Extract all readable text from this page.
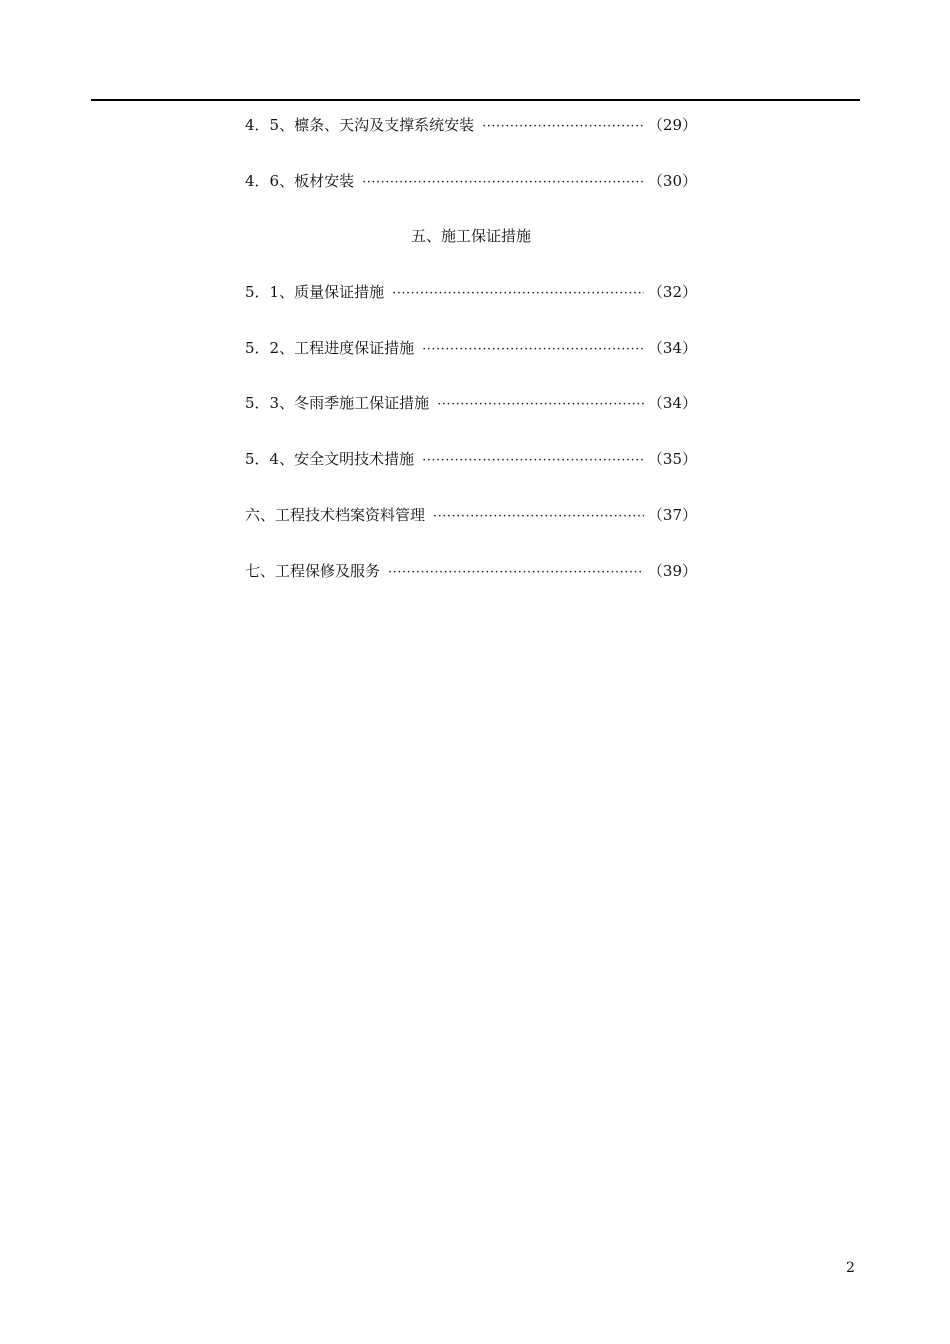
4．5、檩条、天沟及支撑系统安装 ·····	（29）
4．6、板材安装 ·····	（30）
五、施工保证措施
5．1、质量保证措施 ·····	（32）
5．2、工程进度保证措施 ·····	（34）
5．3、冬雨季施工保证措施 ·····	（34）
5．4、安全文明技术措施 ·····	（35）
六、工程技术档案资料管理 ·····	（37）
七、工程保修及服务 ·····	（39）
2
